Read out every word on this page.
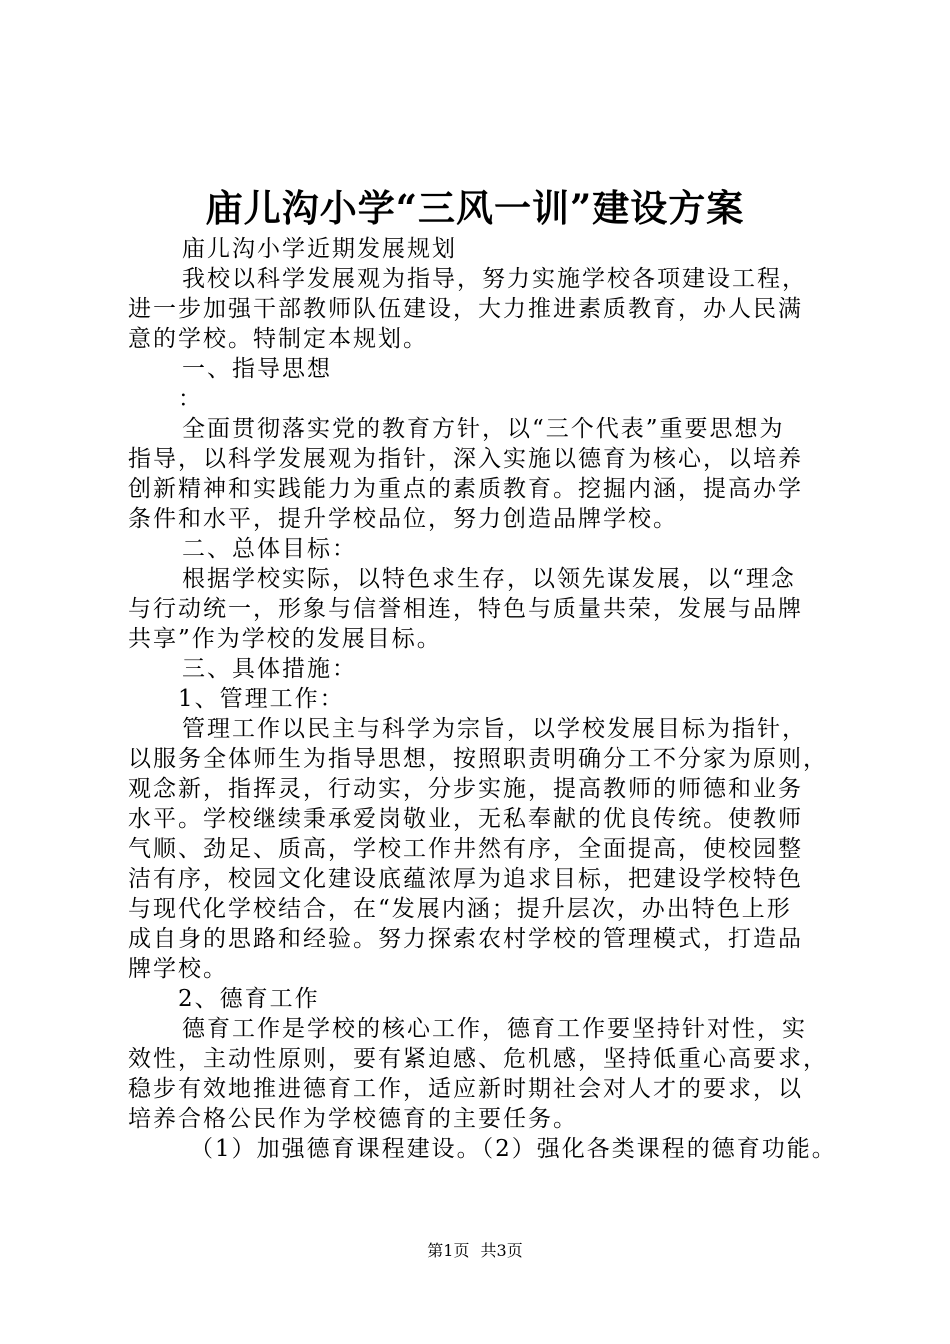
庙儿沟小学“三风一训”建设方案
庙儿沟小学近期发展规划
我校以科学发展观为指导，努力实施学校各项建设工程，
进一步加强干部教师队伍建设，大力推进素质教育，办人民满
意的学校。特制定本规划。
一、指导思想
：
全面贯彻落实党的教育方针，以“三个代表”重要思想为
指导，以科学发展观为指针，深入实施以德育为核心，以培养
创新精神和实践能力为重点的素质教育。挖掘内涵，提高办学
条件和水平，提升学校品位，努力创造品牌学校。
二、总体目标：
根据学校实际，以特色求生存，以领先谋发展，以“理念
与行动统一，形象与信誉相连，特色与质量共荣，发展与品牌
共享”作为学校的发展目标。
三、具体措施：
1、管理工作：
管理工作以民主与科学为宗旨，以学校发展目标为指针，
以服务全体师生为指导思想，按照职责明确分工不分家为原则，
观念新，指挥灵，行动实，分步实施，提高教师的师德和业务
水平。学校继续秉承爱岗敬业，无私奉献的优良传统。使教师
气顺、劲足、质高，学校工作井然有序，全面提高，使校园整
洁有序，校园文化建设底蕴浓厚为追求目标，把建设学校特色
与现代化学校结合，在“发展内涵；提升层次，办出特色上形
成自身的思路和经验。努力探索农村学校的管理模式，打造品
牌学校。
2、德育工作
德育工作是学校的核心工作，德育工作要坚持针对性，实
效性，主动性原则，要有紧迫感、危机感，坚持低重心高要求，
稳步有效地推进德育工作，适应新时期社会对人才的要求，以
培养合格公民作为学校德育的主要任务。
（1）加强德育课程建设。（2）强化各类课程的德育功能。
第1页 共3页
